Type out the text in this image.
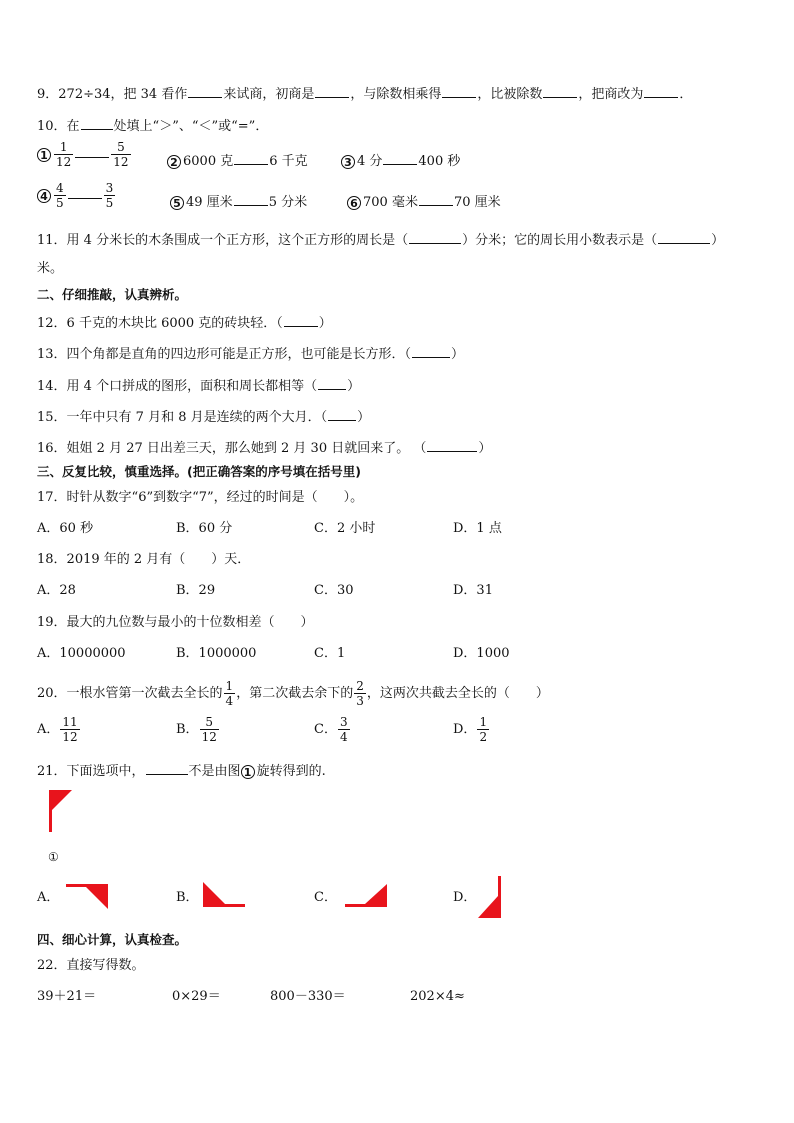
9．272÷34，把 34 看作	来试商，初商是	，与除数相乘得	，比被除数	，把商改为	．
10．在	处填上“＞”、“＜”或“=”．
$1 \frac{1}{12}$	$\frac{5}{12}$	2 6000 克	6 千克	3 4 分	400 秒
$4 \frac{4}{5}$	$\frac{3}{5}$	5 49 厘米	5 分米	6 700 毫米	70 厘米
11．用 4 分米长的木条围成一个正方形，这个正方形的周长是（	）分米；它的周长用小数表示是（	）
米。
二、仔细推敲，认真辨析。
12．6 千克的木块比 6000 克的砖块轻．（	）
13．四个角都是直角的四边形可能是正方形，也可能是长方形．（	）
14．用 4 个口拼成的图形，面积和周长都相等（ ）
15．一年中只有 7 月和 8 月是连续的两个大月．（ ）
16．姐姐 2 月 27 日出差三天，那么她到 2 月 30 日就回来了。 （	）
三、反复比较，慎重选择。(把正确答案的序号填在括号里)
17．时针从数字“6”到数字“7”，经过的时间是（　　）。
A．60 秒	B．60 分	C．2 小时	D．1 点
18．2019 年的 2 月有（　　）天．
A．28	B．29	C．30	D．31
19．最大的九位数与最小的十位数相差（　　）
A．10000000	B．1000000	C．1	D．1000
20．一根水管第一次截去全长的 $\frac{1}{4}$ ，第二次截去余下的 $\frac{2}{3}$ ，这两次共截去全长的（　　）
A． $\frac{11}{12}$	B． $\frac{5}{12}$	C． $\frac{3}{4}$	D． $\frac{1}{2}$
21．下面选项中，	不是由图 1 旋转得到的.
①
A．	B．	C．	D．
四、细心计算，认真检查。
22．直接写得数。
39＋21＝	0×29＝	800－330＝	202×4≈
